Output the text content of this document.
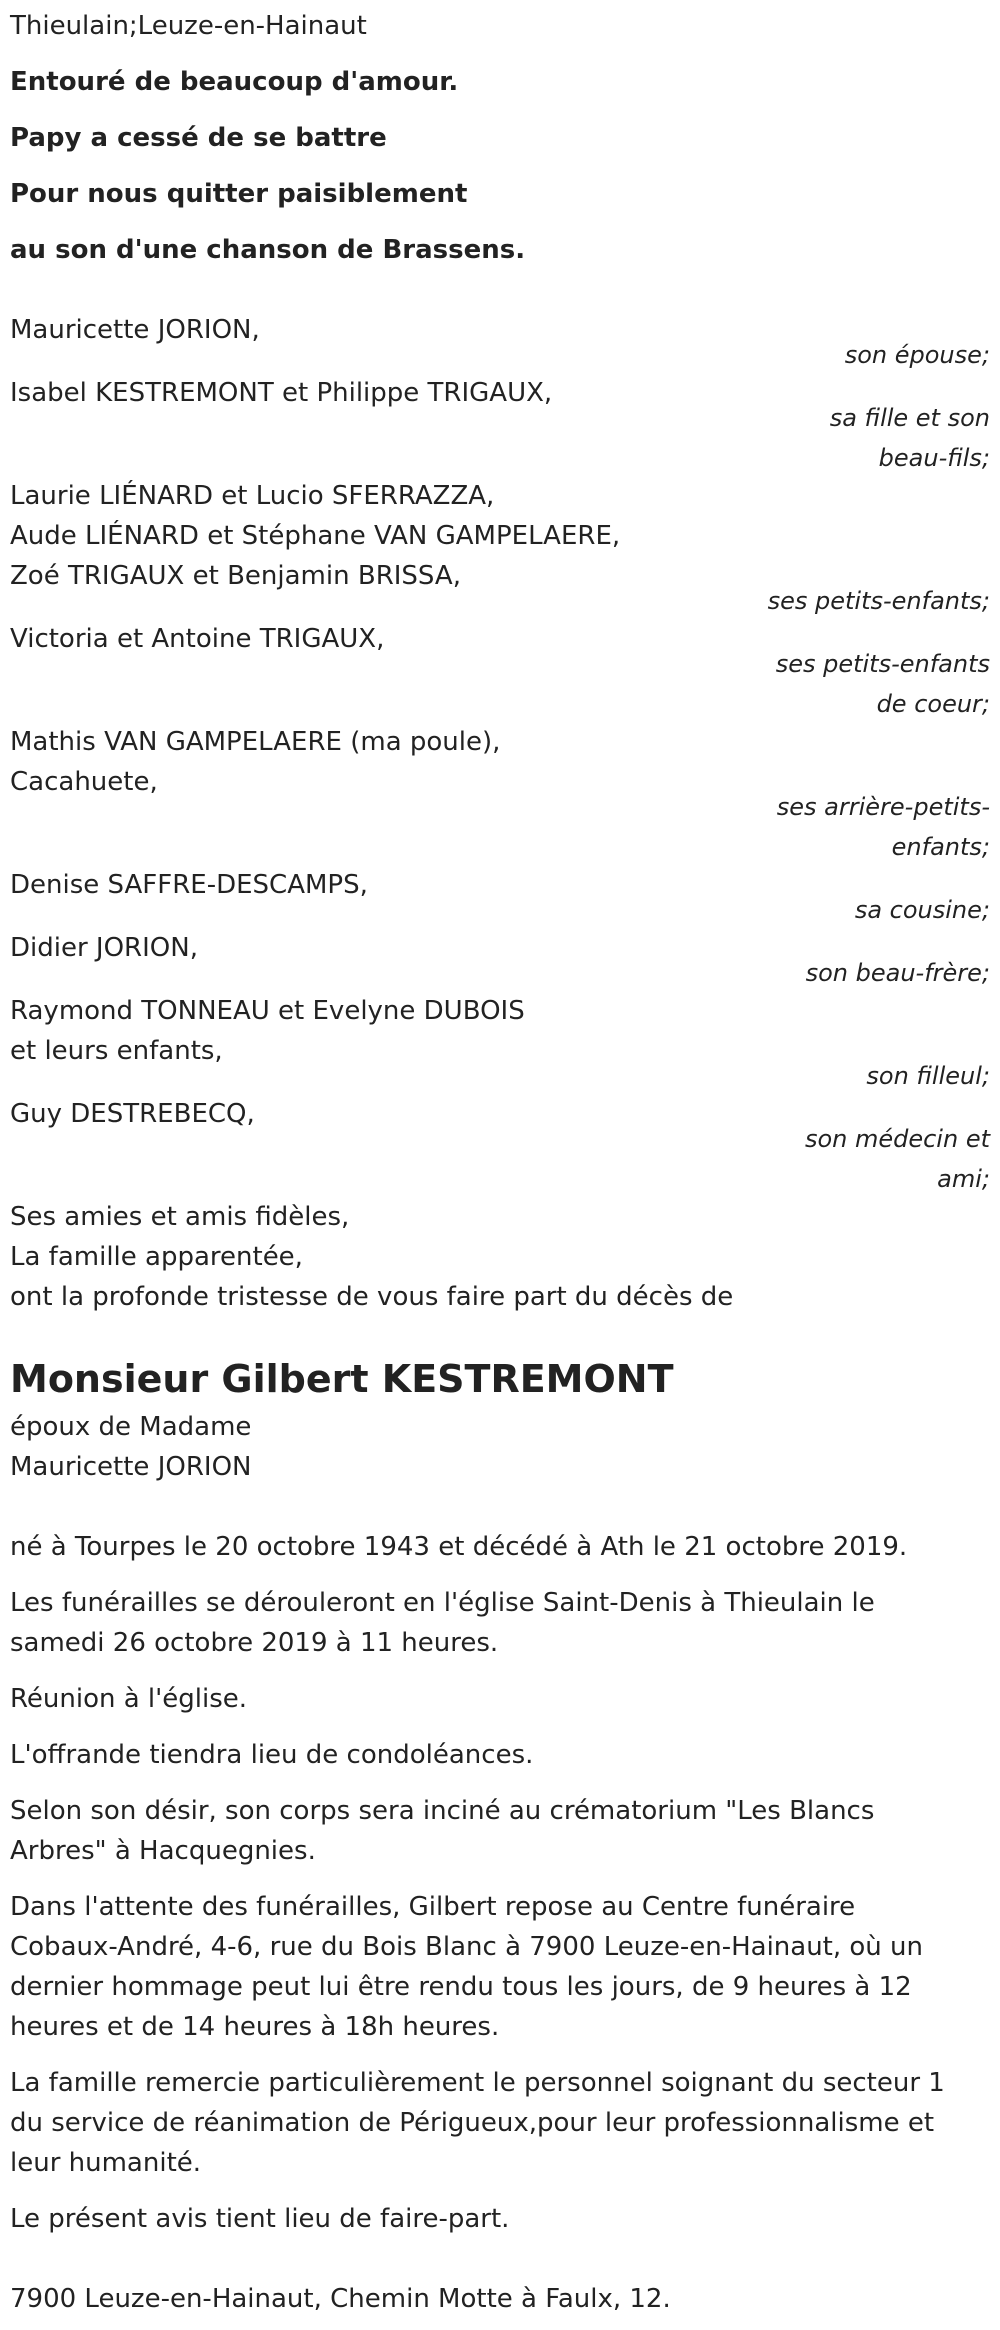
Thieulain;Leuze-en-Hainaut
Entouré de beaucoup d'amour.
Papy a cessé de se battre
Pour nous quitter paisiblement
au son d'une chanson de Brassens.
Mauricette JORION,
son épouse;
Isabel KESTREMONT et Philippe TRIGAUX,
sa fille et son
beau-fils;
Laurie LIÉNARD et Lucio SFERRAZZA,
Aude LIÉNARD et Stéphane VAN GAMPELAERE,
Zoé TRIGAUX et Benjamin BRISSA,
ses petits-enfants;
Victoria et Antoine TRIGAUX,
ses petits-enfants
de coeur;
Mathis VAN GAMPELAERE (ma poule),
Cacahuete,
ses arrière-petits-
enfants;
Denise SAFFRE-DESCAMPS,
sa cousine;
Didier JORION,
son beau-frère;
Raymond TONNEAU et Evelyne DUBOIS
et leurs enfants,
son filleul;
Guy DESTREBECQ,
son médecin et
ami;
Ses amies et amis fidèles,
La famille apparentée,
ont la profonde tristesse de vous faire part du décès de
Monsieur Gilbert KESTREMONT
époux de Madame
Mauricette JORION
né à Tourpes le 20 octobre 1943 et décédé à Ath le 21 octobre 2019.
Les funérailles se dérouleront en l'église Saint-Denis à Thieulain le samedi 26 octobre 2019 à 11 heures.
Réunion à l'église.
L'offrande tiendra lieu de condoléances.
Selon son désir, son corps sera inciné au crématorium "Les Blancs Arbres" à Hacquegnies.
Dans l'attente des funérailles, Gilbert repose au Centre funéraire Cobaux-André, 4-6, rue du Bois Blanc à 7900 Leuze-en-Hainaut, où un dernier hommage peut lui être rendu tous les jours, de 9 heures à 12 heures et de 14 heures à 18h heures.
La famille remercie particulièrement le personnel soignant du secteur 1 du service de réanimation de Périgueux,pour leur professionnalisme et leur humanité.
Le présent avis tient lieu de faire-part.
7900 Leuze-en-Hainaut, Chemin Motte à Faulx, 12.
